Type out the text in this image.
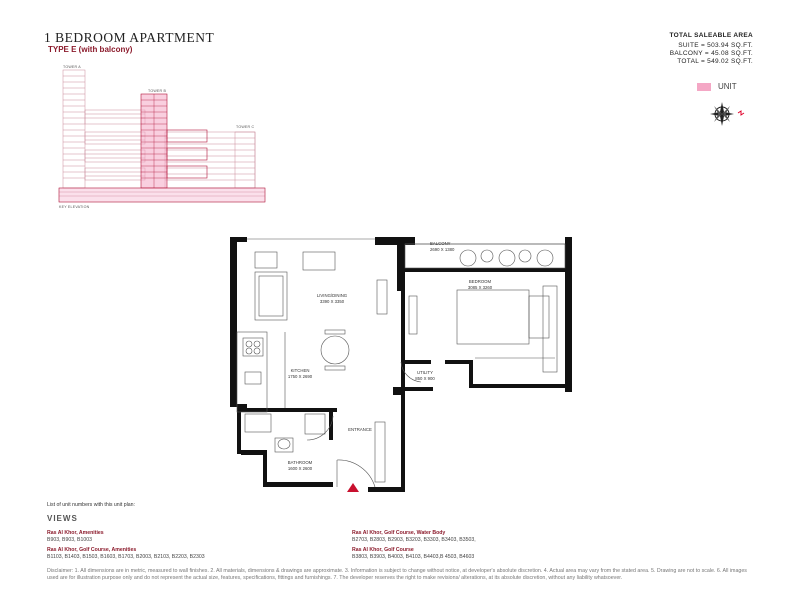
1 BEDROOM APARTMENT
TYPE E (with balcony)
TOTAL SALEABLE AREA
SUITE = 503.94 SQ.FT.
BALCONY = 45.08 SQ.FT.
TOTAL = 549.02 SQ.FT.
UNIT
TOWER A
TOWER B
TOWER C
KEY ELEVATION
BALCONY
2690 X 1380
LIVING/DINING
3390 X 3350
BEDROOM
3085 X 3260
KITCHEN
1750 X 2690
UTILITY
850 X 900
ENTRANCE
BATHROOM
1600 X 2600
List of unit numbers with this unit plan:
VIEWS
Ras Al Khor, Amenities
B903, B903, B1003
Ras Al Khor, Golf Course, Water Body
B2703, B2803, B2903, B3203, B3303, B3403, B3503,
Ras Al Khor, Golf Course, Amenities
B1103, B1403, B1503, B1603, B1703, B2003, B2103, B2203, B2303
Ras Al Khor, Golf Course
B3803, B3903, B4003, B4103, B4403,B 4503, B4603
Disclaimer: 1. All dimensions are in metric, measured to wall finishes. 2. All materials, dimensions & drawings are approximate. 3. Information is subject to change without notice, at developer's absolute discretion. 4. Actual area may vary from the stated area. 5. Drawing are not to scale. 6. All images used are for illustration purpose only and do not represent the actual size, features, specifications, fittings and furnishings. 7. The developer reserves the right to make revisions/ alterations, at its absolute discretion, without any liability whatsoever.
